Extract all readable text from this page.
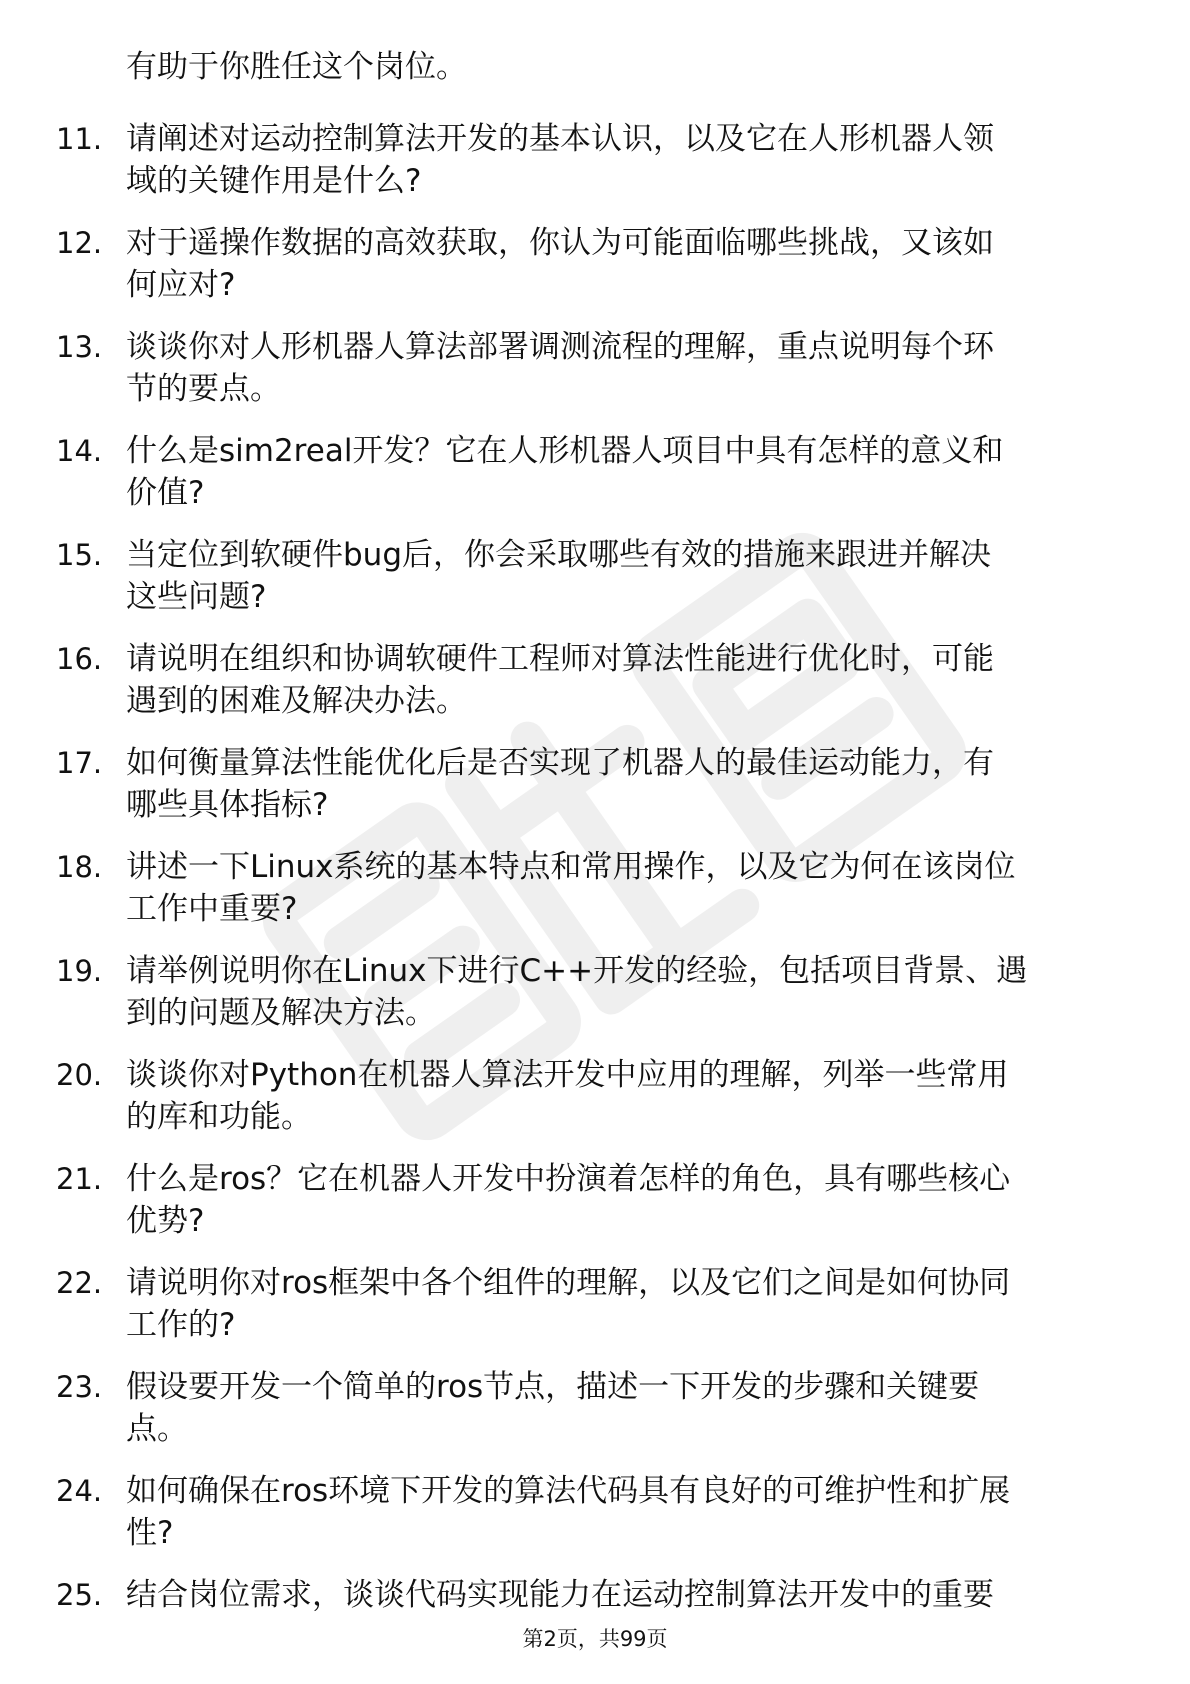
有助于你胜任这个岗位。
11. 请阐述对运动控制算法开发的基本认识，以及它在人形机器人领
域的关键作用是什么?
12. 对于遥操作数据的高效获取，你认为可能面临哪些挑战，又该如
何应对?
13. 谈谈你对人形机器人算法部署调测流程的理解，重点说明每个环
节的要点。
14. 什么是sim2real开发？它在人形机器人项目中具有怎样的意义和
价值?
15. 当定位到软硬件bug后，你会采取哪些有效的措施来跟进并解决
这些问题?
16. 请说明在组织和协调软硬件工程师对算法性能进行优化时，可能
遇到的困难及解决办法。
17. 如何衡量算法性能优化后是否实现了机器人的最佳运动能力，有
哪些具体指标?
18. 讲述一下Linux系统的基本特点和常用操作，以及它为何在该岗位
工作中重要?
19. 请举例说明你在Linux下进行C++开发的经验，包括项目背景、遇
到的问题及解决方法。
20. 谈谈你对Python在机器人算法开发中应用的理解，列举一些常用
的库和功能。
21. 什么是ros？它在机器人开发中扮演着怎样的角色，具有哪些核心
优势?
22. 请说明你对ros框架中各个组件的理解，以及它们之间是如何协同
工作的?
23. 假设要开发一个简单的ros节点，描述一下开发的步骤和关键要
点。
24. 如何确保在ros环境下开发的算法代码具有良好的可维护性和扩展
性?
25. 结合岗位需求，谈谈代码实现能力在运动控制算法开发中的重要
第2页，共99页
